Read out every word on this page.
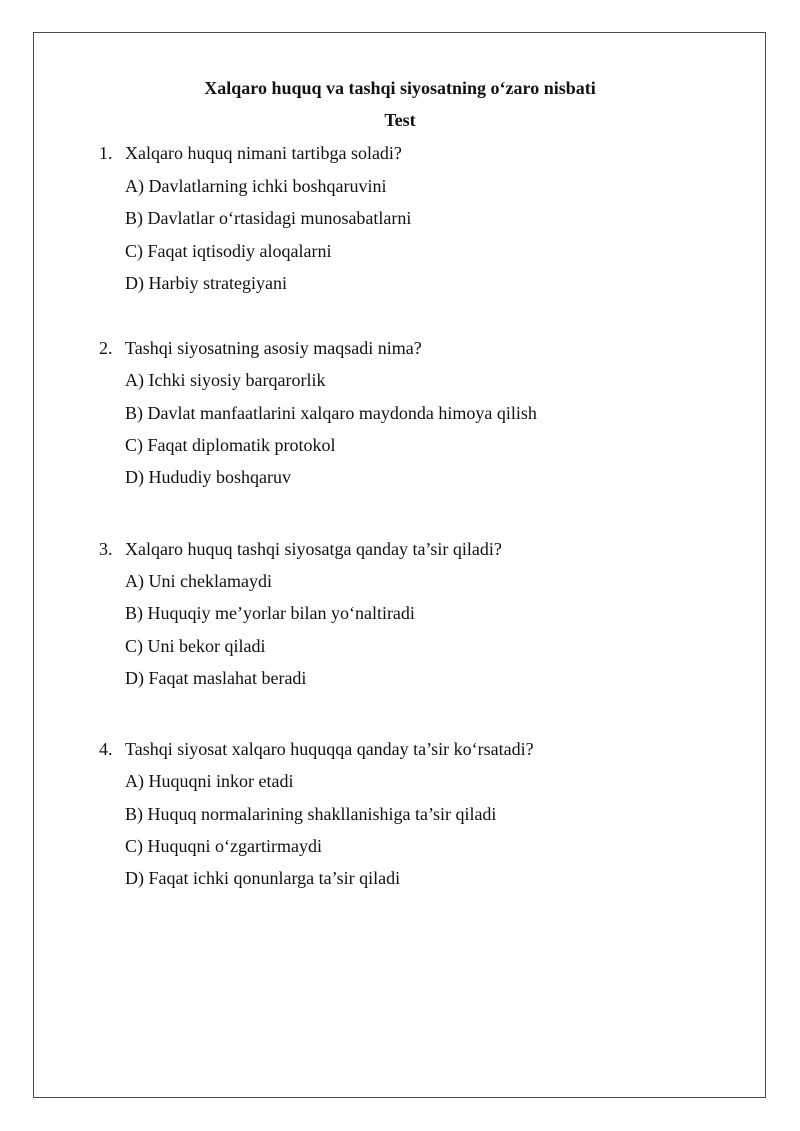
Xalqaro huquq va tashqi siyosatning o‘zaro nisbati
Test
1. Xalqaro huquq nimani tartibga soladi?
A) Davlatlarning ichki boshqaruvini
B) Davlatlar o‘rtasidagi munosabatlarni
C) Faqat iqtisodiy aloqalarni
D) Harbiy strategiyani
2. Tashqi siyosatning asosiy maqsadi nima?
A) Ichki siyosiy barqarorlik
B) Davlat manfaatlarini xalqaro maydonda himoya qilish
C) Faqat diplomatik protokol
D) Hududiy boshqaruv
3. Xalqaro huquq tashqi siyosatga qanday ta’sir qiladi?
A) Uni cheklamaydi
B) Huquqiy me’yorlar bilan yo‘naltiradi
C) Uni bekor qiladi
D) Faqat maslahat beradi
4. Tashqi siyosat xalqaro huquqqa qanday ta’sir ko‘rsatadi?
A) Huquqni inkor etadi
B) Huquq normalarining shakllanishiga ta’sir qiladi
C) Huquqni o‘zgartirmaydi
D) Faqat ichki qonunlarga ta’sir qiladi
